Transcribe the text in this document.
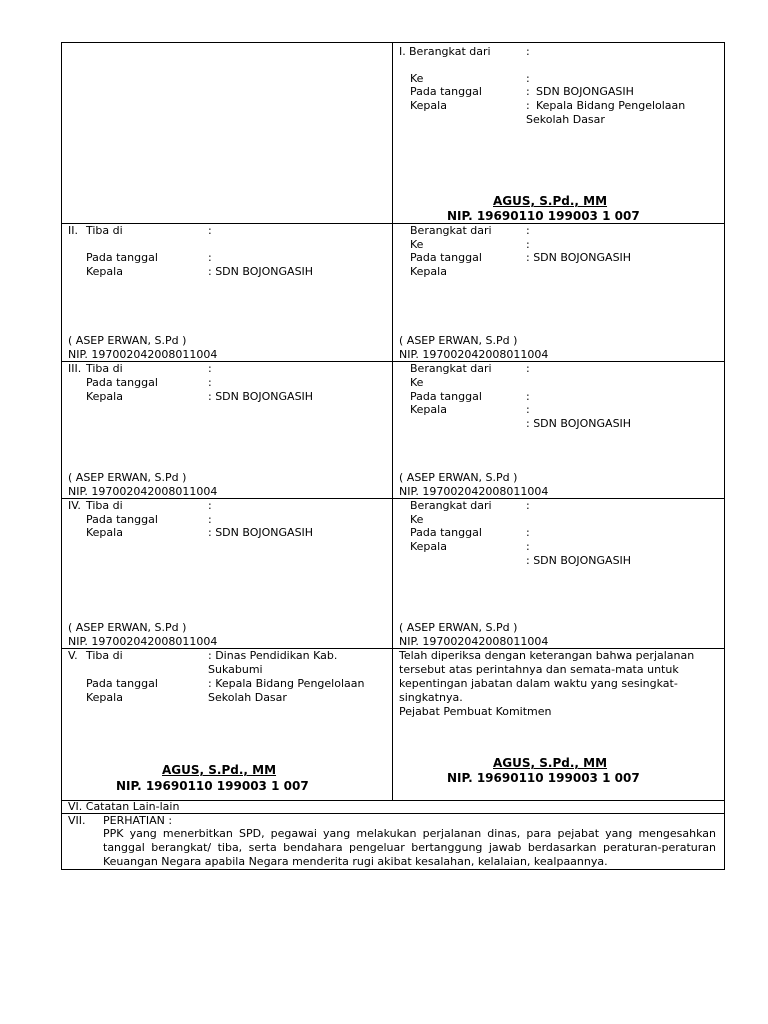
I. Berangkat dari	:
Ke	:
Pada tanggal	: SDN BOJONGASIH
Kepala	: Kepala Bidang Pengelolaan
Sekolah Dasar
AGUS, S.Pd., MM
NIP. 19690110 199003 1 007
II. Tiba di	:
Pada tanggal	:
Kepala	: SDN BOJONGASIH
( ASEP ERWAN, S.Pd )
NIP. 197002042008011004
Berangkat dari	:
Ke	:
Pada tanggal	: SDN BOJONGASIH
Kepala
( ASEP ERWAN, S.Pd )
NIP. 197002042008011004
III. Tiba di	:
Pada tanggal	:
Kepala	: SDN BOJONGASIH
( ASEP ERWAN, S.Pd )
NIP. 197002042008011004
Berangkat dari	:
Ke
Pada tanggal	:
Kepala	:
: SDN BOJONGASIH
( ASEP ERWAN, S.Pd )
NIP. 197002042008011004
IV. Tiba di	:
Pada tanggal	:
Kepala	: SDN BOJONGASIH
( ASEP ERWAN, S.Pd )
NIP. 197002042008011004
Berangkat dari	:
Ke
Pada tanggal	:
Kepala	:
: SDN BOJONGASIH
( ASEP ERWAN, S.Pd )
NIP. 197002042008011004
V. Tiba di	: Dinas Pendidikan Kab.
Sukabumi
Pada tanggal	: Kepala Bidang Pengelolaan
Kepala	Sekolah Dasar
AGUS, S.Pd., MM
NIP. 19690110 199003 1 007
Telah diperiksa dengan keterangan bahwa perjalanan
tersebut atas perintahnya dan semata-mata untuk
kepentingan jabatan dalam waktu yang sesingkat-
singkatnya.
Pejabat Pembuat Komitmen
AGUS, S.Pd., MM
NIP. 19690110 199003 1 007
VI. Catatan Lain-lain
VII. PERHATIAN :
PPK yang menerbitkan SPD, pegawai yang melakukan perjalanan dinas, para pejabat yang mengesahkan
tanggal berangkat/ tiba, serta bendahara pengeluar bertanggung jawab berdasarkan peraturan-peraturan
Keuangan Negara apabila Negara menderita rugi akibat kesalahan, kelalaian, kealpaannya.
